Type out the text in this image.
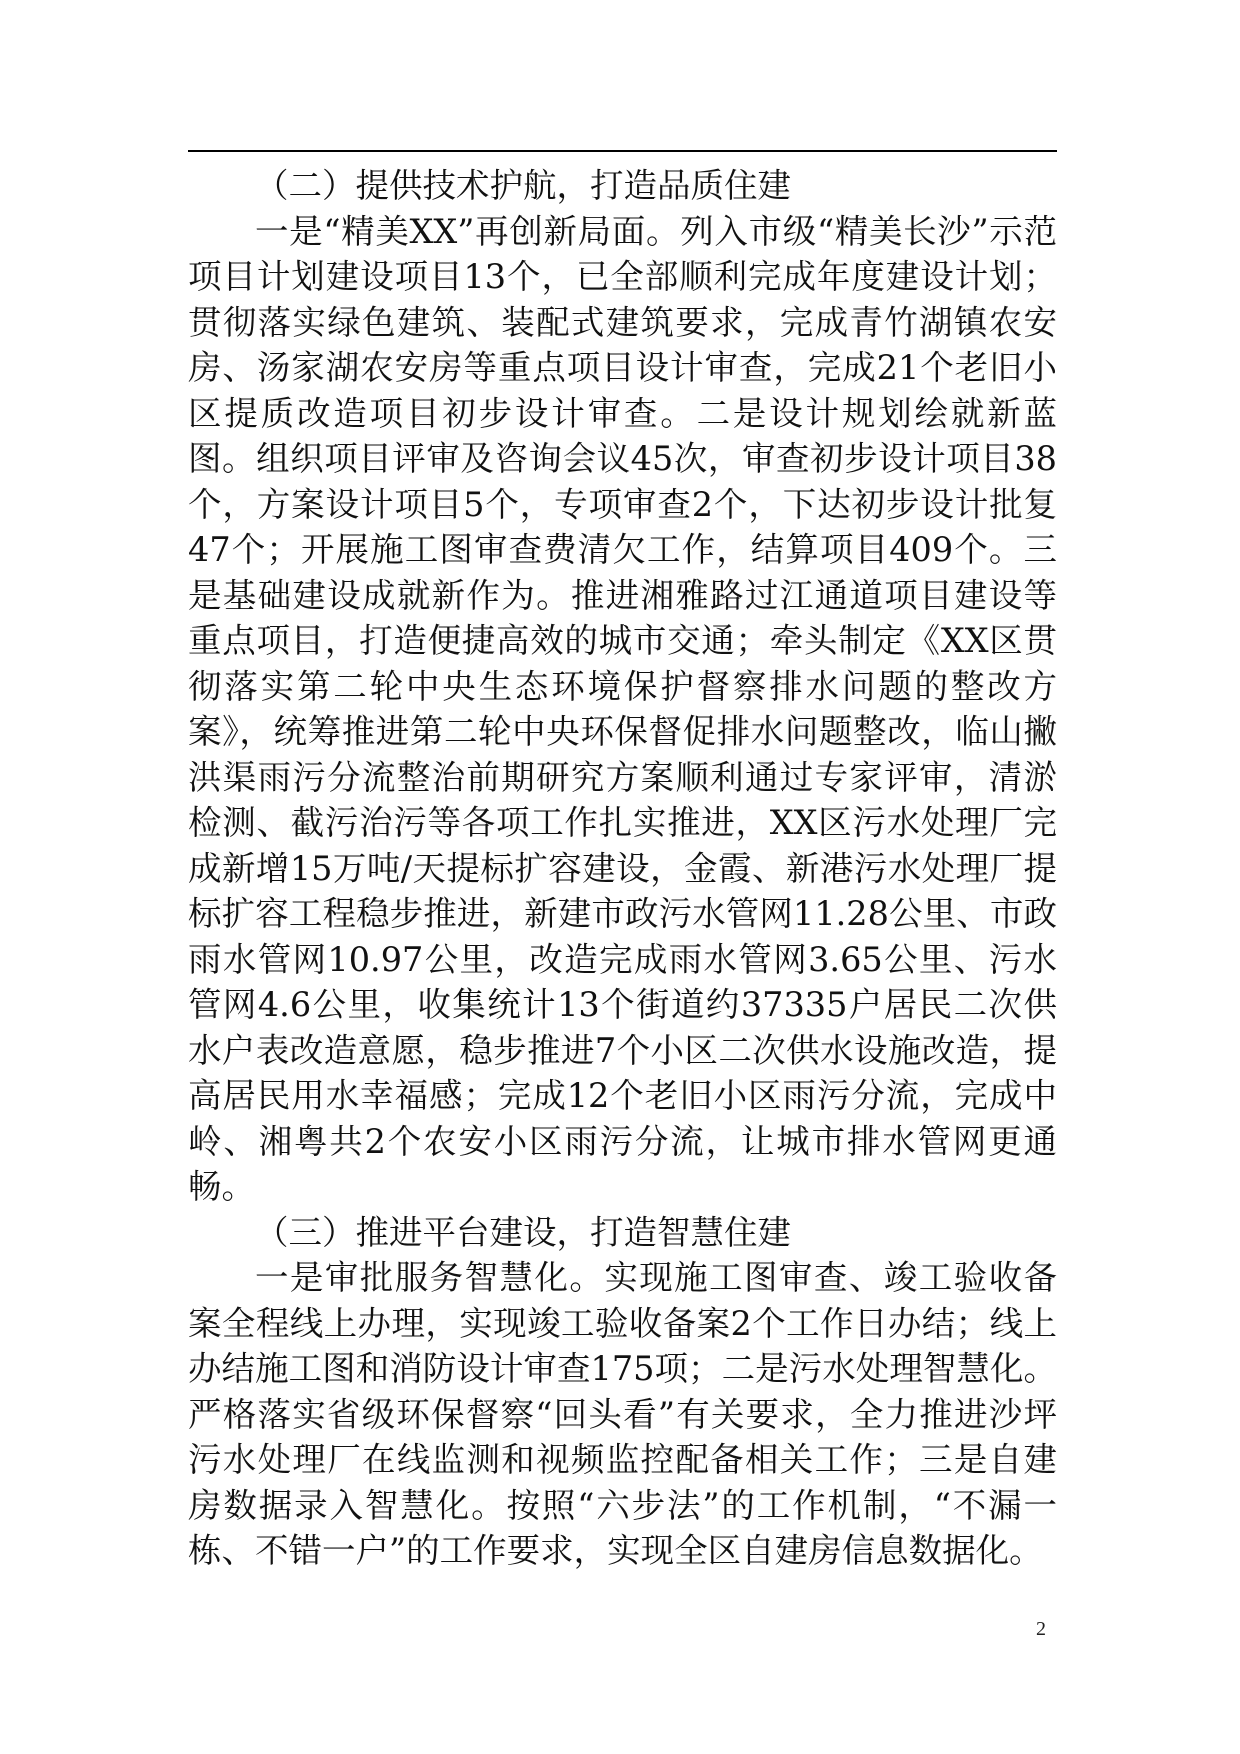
（二）提供技术护航，打造品质住建

一是“精美XX”再创新局面。列入市级“精美长沙”示范项目计划建设项目13个，已全部顺利完成年度建设计划；贯彻落实绿色建筑、装配式建筑要求，完成青竹湖镇农安房、汤家湖农安房等重点项目设计审查，完成21个老旧小区提质改造项目初步设计审查。二是设计规划绘就新蓝图。组织项目评审及咨询会议45次，审查初步设计项目38个，方案设计项目5个，专项审查2个，下达初步设计批复47个；开展施工图审查费清欠工作，结算项目409个。三是基础建设成就新作为。推进湘雅路过江通道项目建设等重点项目，打造便捷高效的城市交通；牵头制定《XX区贯彻落实第二轮中央生态环境保护督察排水问题的整改方案》，统筹推进第二轮中央环保督促排水问题整改，临山撇洪渠雨污分流整治前期研究方案顺利通过专家评审，清淤检测、截污治污等各项工作扎实推进，XX区污水处理厂完成新增15万吨/天提标扩容建设，金霞、新港污水处理厂提标扩容工程稳步推进，新建市政污水管网11.28公里、市政雨水管网10.97公里，改造完成雨水管网3.65公里、污水管网4.6公里，收集统计13个街道约37335户居民二次供水户表改造意愿，稳步推进7个小区二次供水设施改造，提高居民用水幸福感；完成12个老旧小区雨污分流，完成中岭、湘粤共2个农安小区雨污分流，让城市排水管网更通畅。

（三）推进平台建设，打造智慧住建

一是审批服务智慧化。实现施工图审查、竣工验收备案全程线上办理，实现竣工验收备案2个工作日办结；线上办结施工图和消防设计审查175项；二是污水处理智慧化。严格落实省级环保督察“回头看”有关要求，全力推进沙坪污水处理厂在线监测和视频监控配备相关工作；三是自建房数据录入智慧化。按照“六步法”的工作机制，“不漏一栋、不错一户”的工作要求，实现全区自建房信息数据化。

2
